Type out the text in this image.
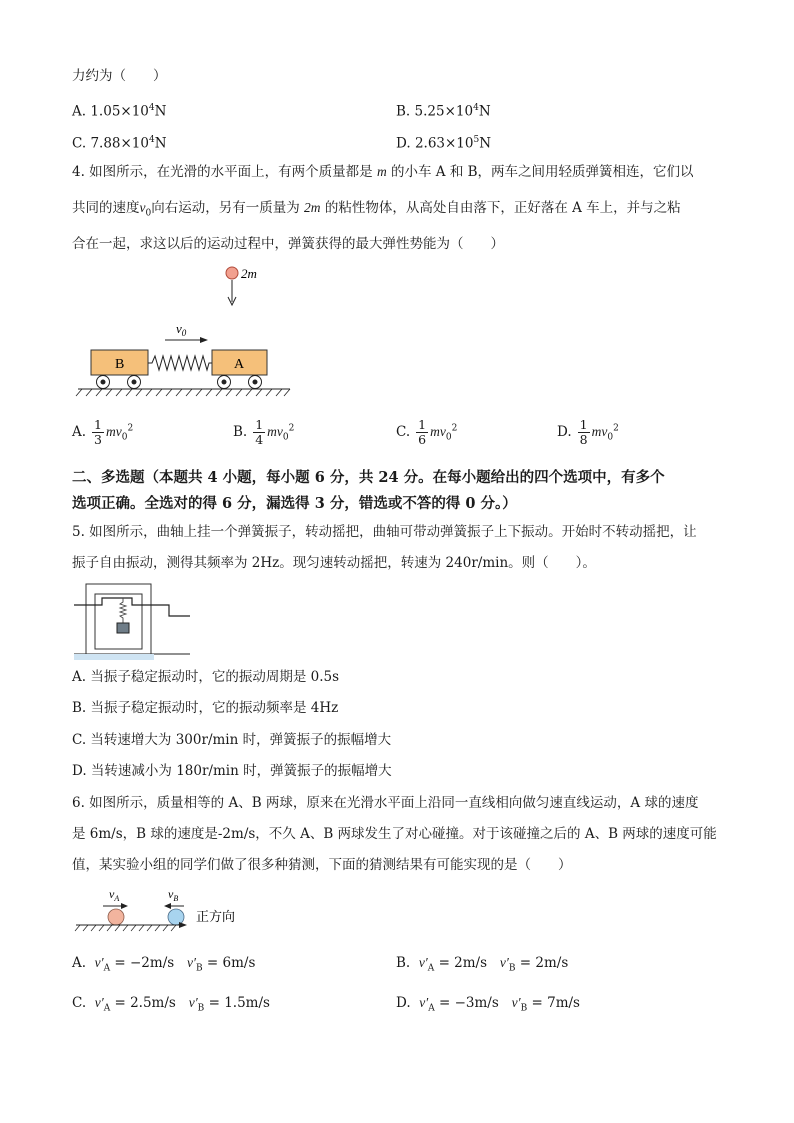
力约为（　　）
A. $1.05\times 10^4N$	B. $5.25\times 10^4N$
C. $7.88\times 10^4N$	D. $2.63\times 10^5N$
4. 如图所示，在光滑的水平面上，有两个质量都是 m 的小车 A 和 B，两车之间用轻质弹簧相连，它们以
共同的速度$v_0$向右运动，另有一质量为 2m 的粘性物体，从高处自由落下，正好落在 A 车上，并与之粘
合在一起，求这以后的运动过程中，弹簧获得的最大弹性势能为（　　）
2m
$v_0$
B	A
A. $\frac{1}{3} mv_0^2$	B. $\frac{1}{4} mv_0^2$	C. $\frac{1}{6} mv_0^2$	D. $\frac{1}{8} mv_0^2$
二、多选题（本题共 4 小题，每小题 6 分，共 24 分。在每小题给出的四个选项中，有多个
选项正确。全选对的得 6 分，漏选得 3 分，错选或不答的得 0 分。）
5. 如图所示，曲轴上挂一个弹簧振子，转动摇把，曲轴可带动弹簧振子上下振动。开始时不转动摇把，让
振子自由振动，测得其频率为 2Hz。现匀速转动摇把，转速为 240r/min。则（　　）。
A. 当振子稳定振动时，它的振动周期是 0.5s
B. 当振子稳定振动时，它的振动频率是 4Hz
C. 当转速增大为 300r/min 时，弹簧振子的振幅增大
D. 当转速减小为 180r/min 时，弹簧振子的振幅增大
6. 如图所示，质量相等的 A、B 两球，原来在光滑水平面上沿同一直线相向做匀速直线运动，A 球的速度
是 6m/s，B 球的速度是-2m/s，不久 A、B 两球发生了对心碰撞。对于该碰撞之后的 A、B 两球的速度可能
值，某实验小组的同学们做了很多种猜测，下面的猜测结果有可能实现的是（　　）
$v_A$	$v_B$
正方向
A. $v'_A = -2m/s$ $v'_B = 6m/s$	B. $v'_A = 2m/s$ $v'_B = 2m/s$
C. $v'_A = 2.5m/s$ $v'_B = 1.5m/s$	D. $v'_A = -3m/s$ $v'_B = 7m/s$
